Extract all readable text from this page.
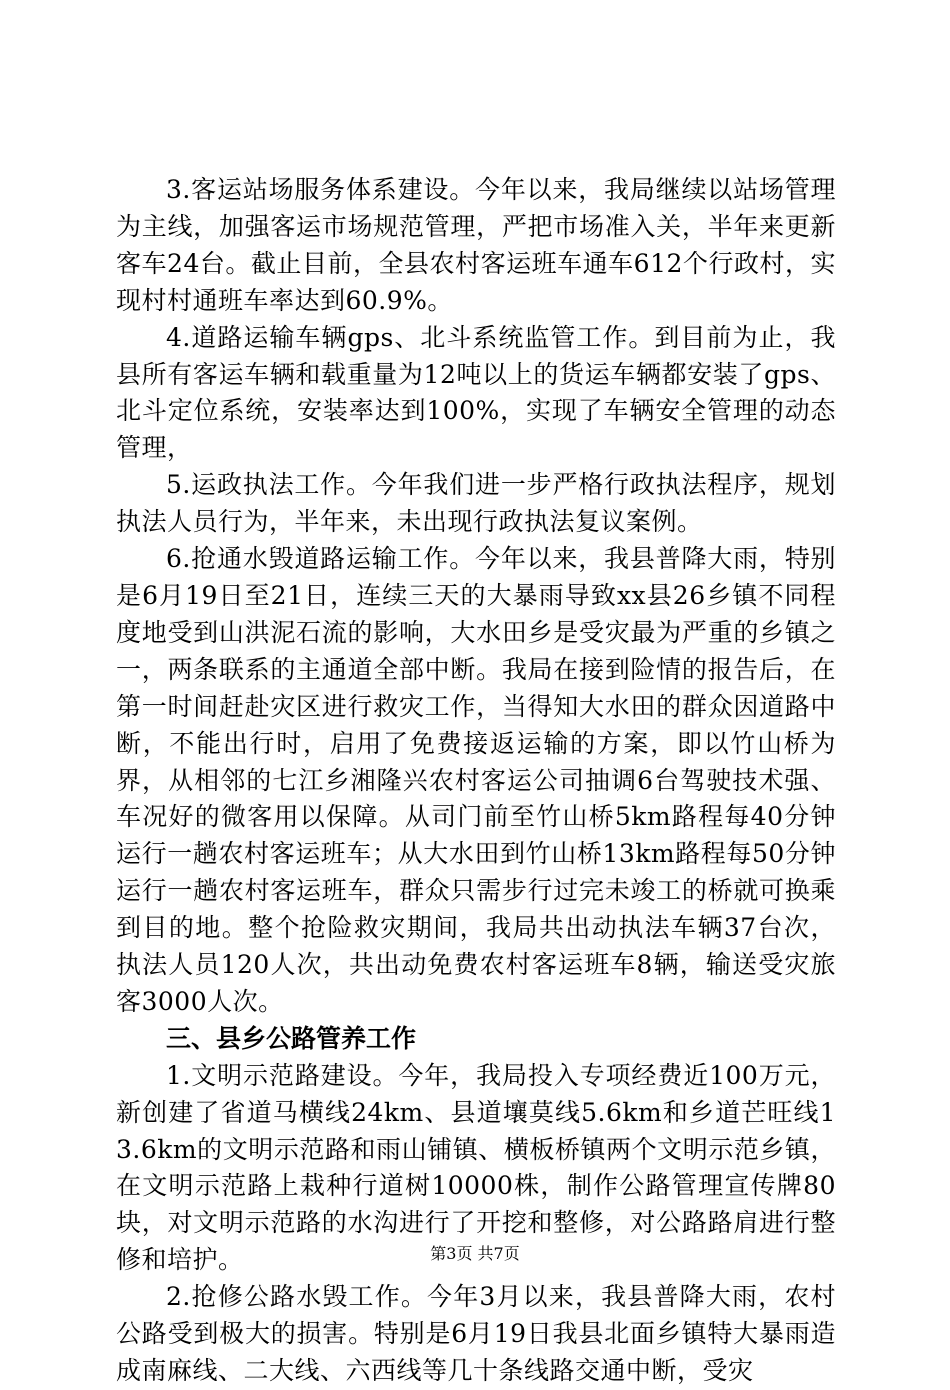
3.客运站场服务体系建设。今年以来，我局继续以站场管理为主线，加强客运市场规范管理，严把市场准入关，半年来更新客车24台。截止目前，全县农村客运班车通车612个行政村，实现村村通班车率达到60.9%。

4.道路运输车辆gps、北斗系统监管工作。到目前为止，我县所有客运车辆和载重量为12吨以上的货运车辆都安装了gps、北斗定位系统，安装率达到100%，实现了车辆安全管理的动态管理，

5.运政执法工作。今年我们进一步严格行政执法程序，规划执法人员行为，半年来，未出现行政执法复议案例。

6.抢通水毁道路运输工作。今年以来，我县普降大雨，特别是6月19日至21日，连续三天的大暴雨导致xx县26乡镇不同程度地受到山洪泥石流的影响，大水田乡是受灾最为严重的乡镇之一，两条联系的主通道全部中断。我局在接到险情的报告后，在第一时间赶赴灾区进行救灾工作，当得知大水田的群众因道路中断，不能出行时，启用了免费接返运输的方案，即以竹山桥为界，从相邻的七江乡湘隆兴农村客运公司抽调6台驾驶技术强、车况好的微客用以保障。从司门前至竹山桥5km路程每40分钟运行一趟农村客运班车；从大水田到竹山桥13km路程每50分钟运行一趟农村客运班车，群众只需步行过完未竣工的桥就可换乘到目的地。整个抢险救灾期间，我局共出动执法车辆37台次，执法人员120人次，共出动免费农村客运班车8辆，输送受灾旅客3000人次。

三、县乡公路管养工作

1.文明示范路建设。今年，我局投入专项经费近100万元，新创建了省道马横线24km、县道壤莫线5.6km和乡道芒旺线13.6km的文明示范路和雨山铺镇、横板桥镇两个文明示范乡镇，在文明示范路上栽种行道树10000株，制作公路管理宣传牌80块，对文明示范路的水沟进行了开挖和整修，对公路路肩进行整修和培护。

2.抢修公路水毁工作。今年3月以来，我县普降大雨，农村公路受到极大的损害。特别是6月19日我县北面乡镇特大暴雨造成南麻线、二大线、六西线等几十条线路交通中断，受灾

第3页 共7页
